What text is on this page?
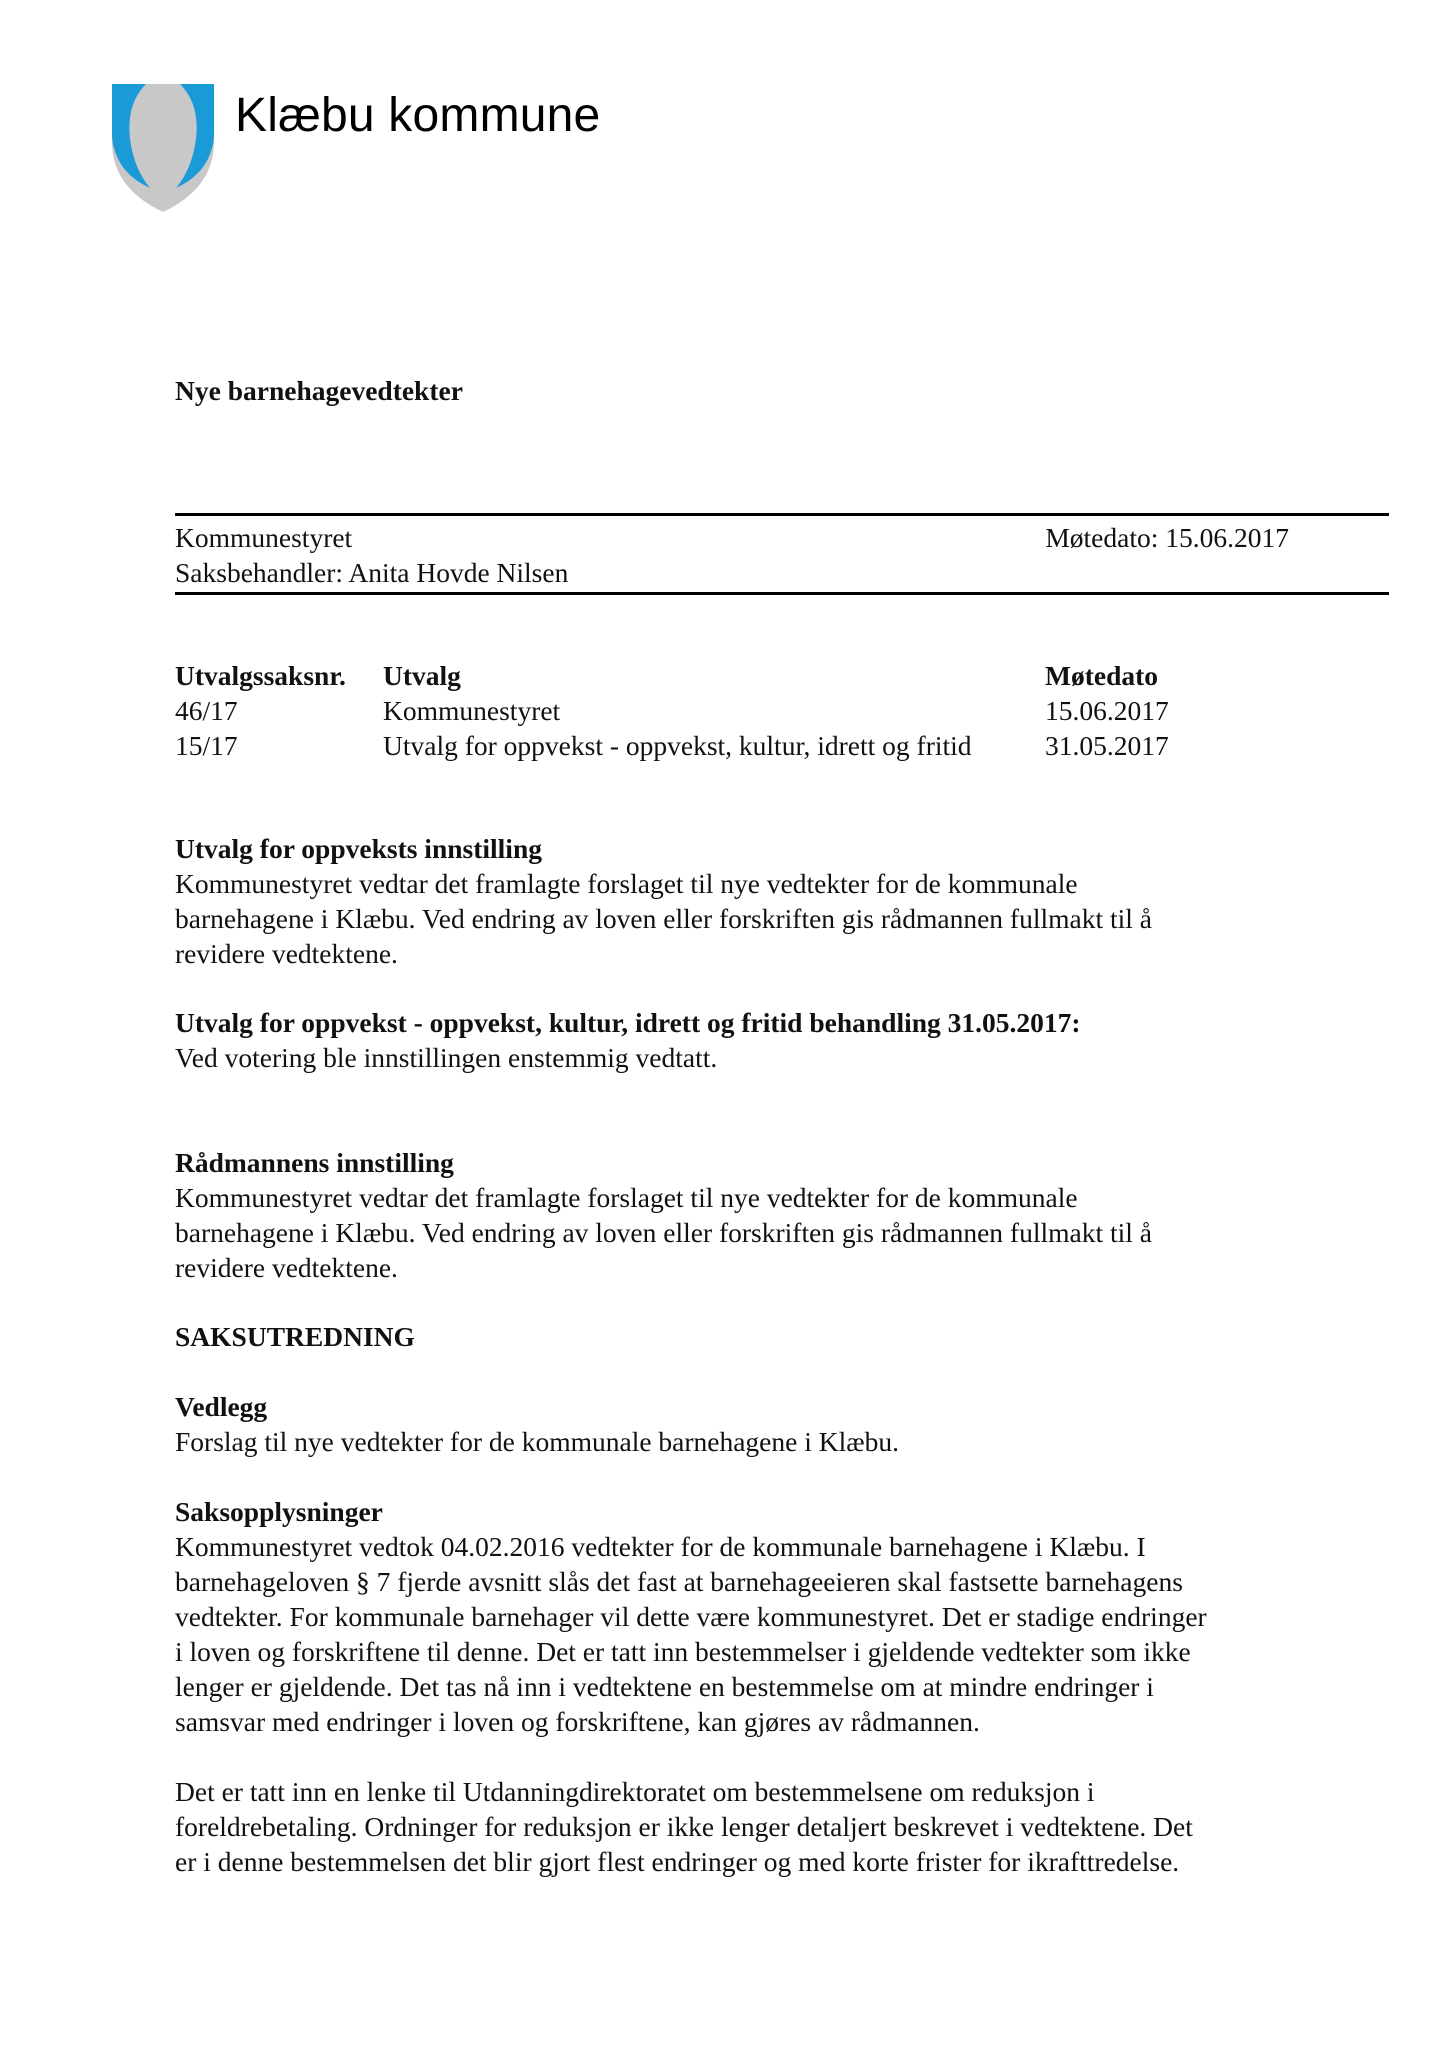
Klæbu kommune
Nye barnehagevedtekter
Kommunestyret	Møtedato: 15.06.2017
Saksbehandler: Anita Hovde Nilsen
Utvalgssaksnr.	Utvalg	Møtedato
46/17	Kommunestyret	15.06.2017
15/17	Utvalg for oppvekst - oppvekst, kultur, idrett og fritid	31.05.2017
Utvalg for oppveksts innstilling

Kommunestyret vedtar det framlagte forslaget til nye vedtekter for de kommunale

barnehagene i Klæbu. Ved endring av loven eller forskriften gis rådmannen fullmakt til å

revidere vedtektene.

Utvalg for oppvekst - oppvekst, kultur, idrett og fritid behandling 31.05.2017:

Ved votering ble innstillingen enstemmig vedtatt.

Rådmannens innstilling

Kommunestyret vedtar det framlagte forslaget til nye vedtekter for de kommunale

barnehagene i Klæbu. Ved endring av loven eller forskriften gis rådmannen fullmakt til å

revidere vedtektene.

SAKSUTREDNING
Vedlegg

Forslag til nye vedtekter for de kommunale barnehagene i Klæbu.

Saksopplysninger

Kommunestyret vedtok 04.02.2016 vedtekter for de kommunale barnehagene i Klæbu. I

barnehageloven § 7 fjerde avsnitt slås det fast at barnehageeieren skal fastsette barnehagens

vedtekter. For kommunale barnehager vil dette være kommunestyret. Det er stadige endringer

i loven og forskriftene til denne. Det er tatt inn bestemmelser i gjeldende vedtekter som ikke

lenger er gjeldende. Det tas nå inn i vedtektene en bestemmelse om at mindre endringer i

samsvar med endringer i loven og forskriftene, kan gjøres av rådmannen.

Det er tatt inn en lenke til Utdanningdirektoratet om bestemmelsene om reduksjon i

foreldrebetaling. Ordninger for reduksjon er ikke lenger detaljert beskrevet i vedtektene. Det

er i denne bestemmelsen det blir gjort flest endringer og med korte frister for ikrafttredelse.
